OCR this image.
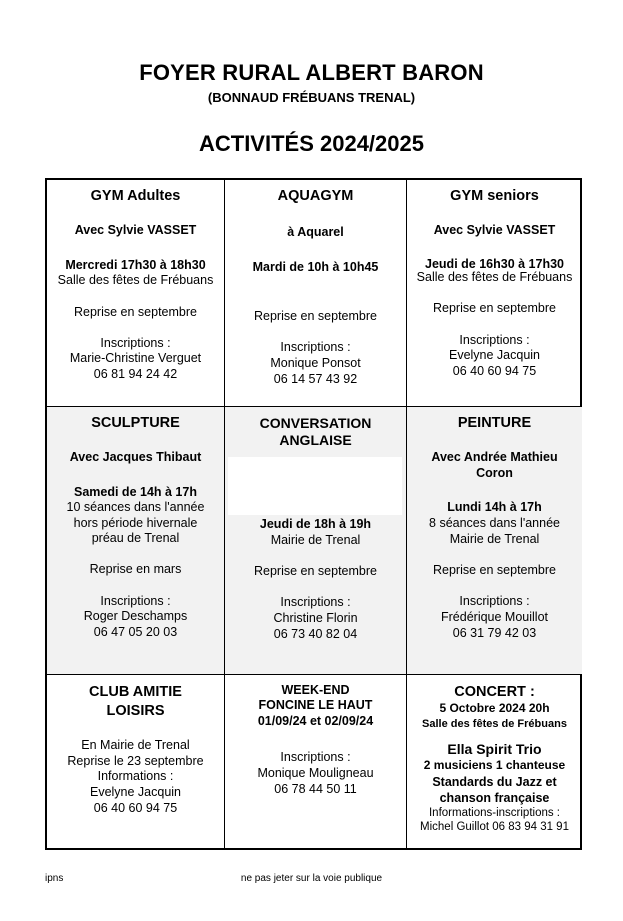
FOYER RURAL ALBERT BARON
(BONNAUD FRÉBUANS TRENAL)
ACTIVITÉS 2024/2025
GYM Adultes
Avec Sylvie VASSET
Mercredi 17h30 à 18h30
Salle des fêtes de Frébuans
Reprise en septembre
Inscriptions :
Marie-Christine Verguet
06 81 94 24 42
AQUAGYM
à Aquarel
Mardi de 10h à 10h45
Reprise en septembre
Inscriptions :
Monique Ponsot
06 14 57 43 92
GYM seniors
Avec Sylvie VASSET
Jeudi de 16h30 à 17h30
Salle des fêtes de Frébuans
Reprise en septembre
Inscriptions :
Evelyne Jacquin
06 40 60 94 75
SCULPTURE
Avec Jacques Thibaut
Samedi de 14h à 17h
10 séances dans l'année
hors période hivernale
préau de Trenal
Reprise en mars
Inscriptions :
Roger Deschamps
06 47 05 20 03
CONVERSATION
ANGLAISE
Jeudi de 18h à 19h
Mairie de Trenal
Reprise en septembre
Inscriptions :
Christine Florin
06 73 40 82 04
PEINTURE
Avec Andrée Mathieu
Coron
Lundi 14h à 17h
8 séances dans l'année
Mairie de Trenal
Reprise en septembre
Inscriptions :
Frédérique Mouillot
06 31 79 42 03
CLUB AMITIE
LOISIRS
En Mairie de Trenal
Reprise le 23 septembre
Informations :
Evelyne Jacquin
06 40 60 94 75
WEEK-END
FONCINE LE HAUT
01/09/24 et 02/09/24
Inscriptions :
Monique Mouligneau
06 78 44 50 11
CONCERT :
5 Octobre 2024 20h
Salle des fêtes de Frébuans
Ella Spirit Trio
2 musiciens 1 chanteuse
Standards du Jazz et
chanson française
Informations-inscriptions :
Michel Guillot 06 83 94 31 91
ipns	ne pas jeter sur la voie publique
